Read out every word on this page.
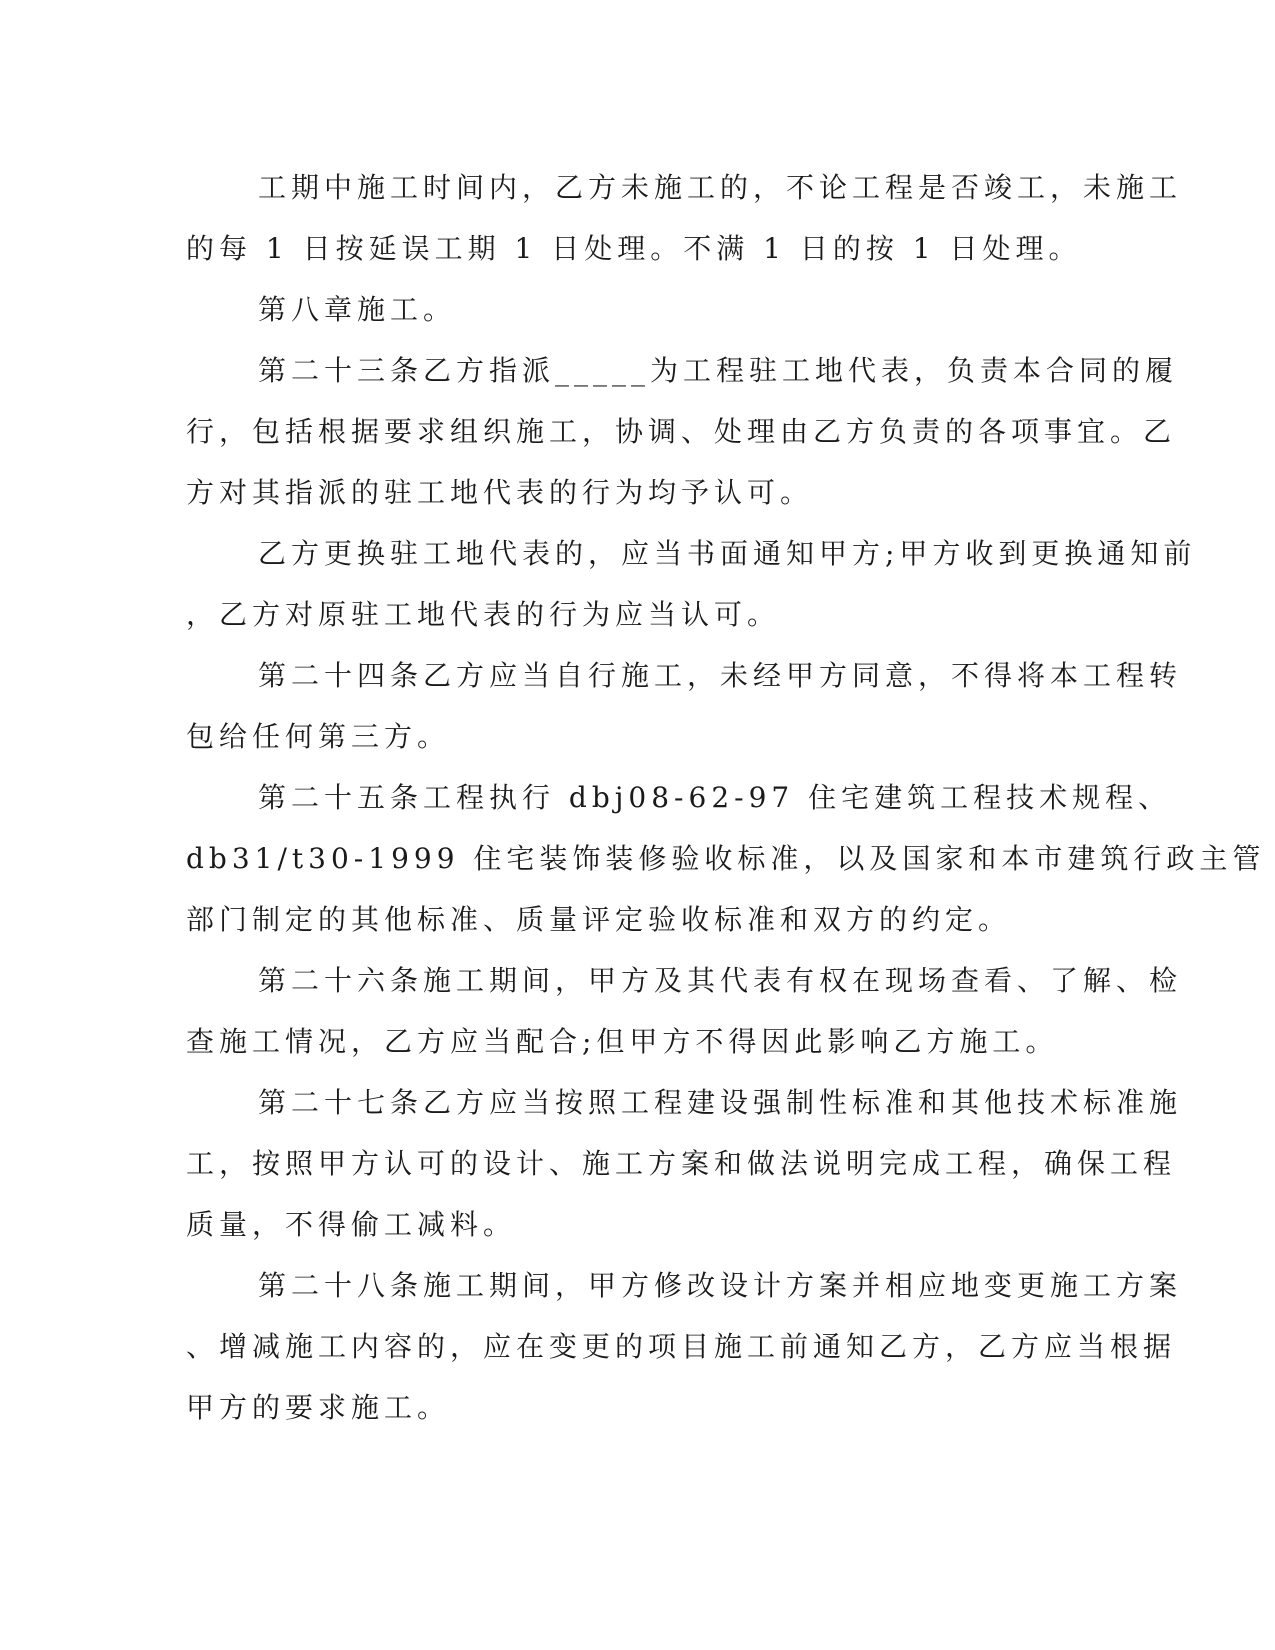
工期中施工时间内，乙方未施工的，不论工程是否竣工，未施工
的每 1 日按延误工期 1 日处理。不满 1 日的按 1 日处理。

第八章施工。

第二十三条乙方指派_____为工程驻工地代表，负责本合同的履
行，包括根据要求组织施工，协调、处理由乙方负责的各项事宜。乙
方对其指派的驻工地代表的行为均予认可。

乙方更换驻工地代表的，应当书面通知甲方;甲方收到更换通知前
，乙方对原驻工地代表的行为应当认可。

第二十四条乙方应当自行施工，未经甲方同意，不得将本工程转
包给任何第三方。

第二十五条工程执行 dbj08-62-97 住宅建筑工程技术规程、
db31/t30-1999 住宅装饰装修验收标准，以及国家和本市建筑行政主管
部门制定的其他标准、质量评定验收标准和双方的约定。

第二十六条施工期间，甲方及其代表有权在现场查看、了解、检
查施工情况，乙方应当配合;但甲方不得因此影响乙方施工。

第二十七条乙方应当按照工程建设强制性标准和其他技术标准施
工，按照甲方认可的设计、施工方案和做法说明完成工程，确保工程
质量，不得偷工减料。

第二十八条施工期间，甲方修改设计方案并相应地变更施工方案
、增减施工内容的，应在变更的项目施工前通知乙方，乙方应当根据
甲方的要求施工。
